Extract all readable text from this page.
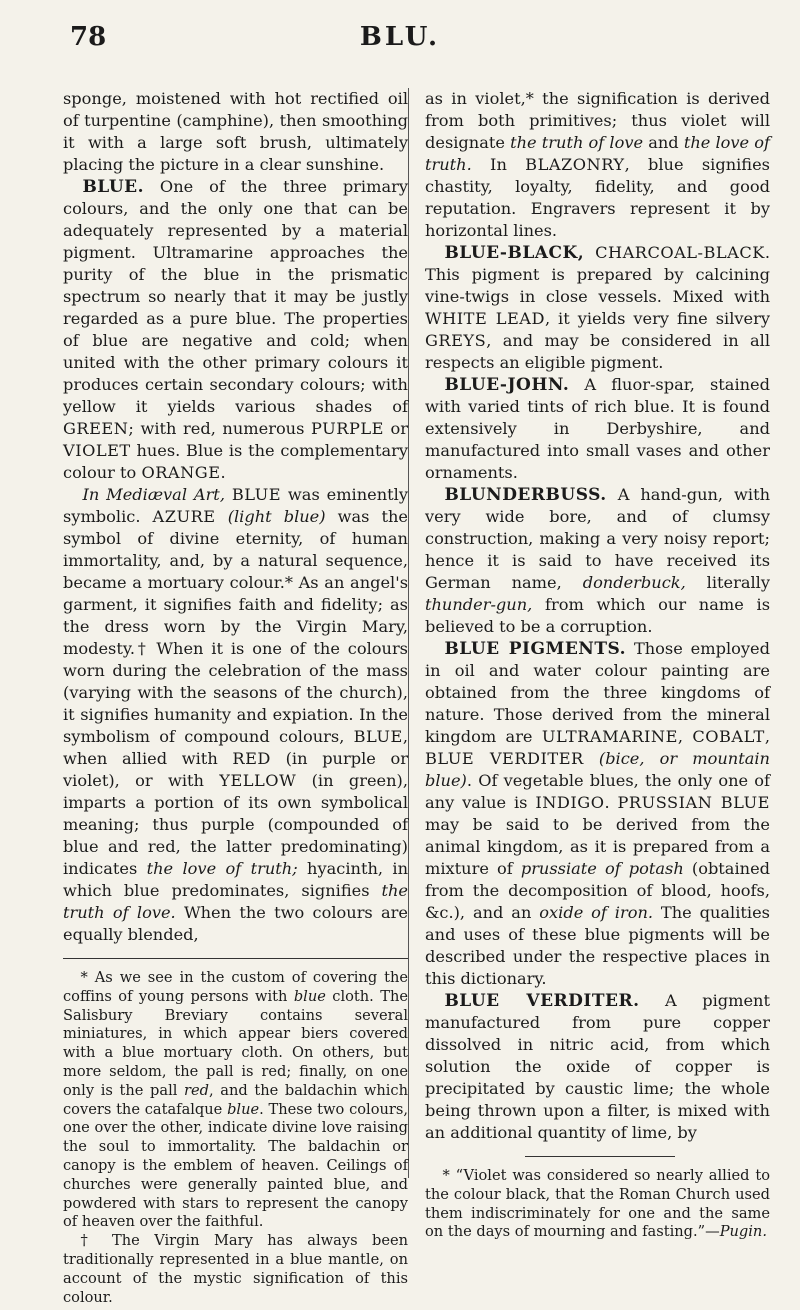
78	BLU.

sponge, moistened with hot rectified oil of turpentine (camphine), then smoothing it with a large soft brush, ultimately placing the picture in a clear sunshine.

BLUE. One of the three primary colours, and the only one that can be adequately represented by a material pigment. Ultramarine approaches the purity of the blue in the prismatic spectrum so nearly that it may be justly regarded as a pure blue. The properties of blue are negative and cold; when united with the other primary colours it produces certain secondary colours; with yellow it yields various shades of GREEN; with red, numerous PURPLE or VIOLET hues. Blue is the complementary colour to ORANGE.

In Mediæval Art, BLUE was eminently symbolic. AZURE (light blue) was the symbol of divine eternity, of human immortality, and, by a natural sequence, became a mortuary colour.* As an angel's garment, it signifies faith and fidelity; as the dress worn by the Virgin Mary, modesty.† When it is one of the colours worn during the celebration of the mass (varying with the seasons of the church), it signifies humanity and expiation. In the symbolism of compound colours, BLUE, when allied with RED (in purple or violet), or with YELLOW (in green), imparts a portion of its own symbolical meaning; thus purple (compounded of blue and red, the latter predominating) indicates the love of truth; hyacinth, in which blue predominates, signifies the truth of love. When the two colours are equally blended,

* As we see in the custom of covering the coffins of young persons with blue cloth. The Salisbury Breviary contains several miniatures, in which appear biers covered with a blue mortuary cloth. On others, but more seldom, the pall is red; finally, on one only is the pall red, and the baldachin which covers the catafalque blue. These two colours, one over the other, indicate divine love raising the soul to immortality. The baldachin or canopy is the emblem of heaven. Ceilings of churches were generally painted blue, and powdered with stars to represent the canopy of heaven over the faithful.

† The Virgin Mary has always been traditionally represented in a blue mantle, on account of the mystic signification of this colour.

as in violet,* the signification is derived from both primitives; thus violet will designate the truth of love and the love of truth. In BLAZONRY, blue signifies chastity, loyalty, fidelity, and good reputation. Engravers represent it by horizontal lines.

BLUE-BLACK, CHARCOAL-BLACK. This pigment is prepared by calcining vine-twigs in close vessels. Mixed with WHITE LEAD, it yields very fine silvery GREYS, and may be considered in all respects an eligible pigment.

BLUE-JOHN. A fluor-spar, stained with varied tints of rich blue. It is found extensively in Derbyshire, and manufactured into small vases and other ornaments.

BLUNDERBUSS. A hand-gun, with very wide bore, and of clumsy construction, making a very noisy report; hence it is said to have received its German name, donderbuck, literally thunder-gun, from which our name is believed to be a corruption.

BLUE PIGMENTS. Those employed in oil and water colour painting are obtained from the three kingdoms of nature. Those derived from the mineral kingdom are ULTRAMARINE, COBALT, BLUE VERDITER (bice, or mountain blue). Of vegetable blues, the only one of any value is INDIGO. PRUSSIAN BLUE may be said to be derived from the animal kingdom, as it is prepared from a mixture of prussiate of potash (obtained from the decomposition of blood, hoofs, &c.), and an oxide of iron. The qualities and uses of these blue pigments will be described under the respective places in this dictionary.

BLUE VERDITER. A pigment manufactured from pure copper dissolved in nitric acid, from which solution the oxide of copper is precipitated by caustic lime; the whole being thrown upon a filter, is mixed with an additional quantity of lime, by

* “Violet was considered so nearly allied to the colour black, that the Roman Church used them indiscriminately for one and the same on the days of mourning and fasting.”—Pugin.
